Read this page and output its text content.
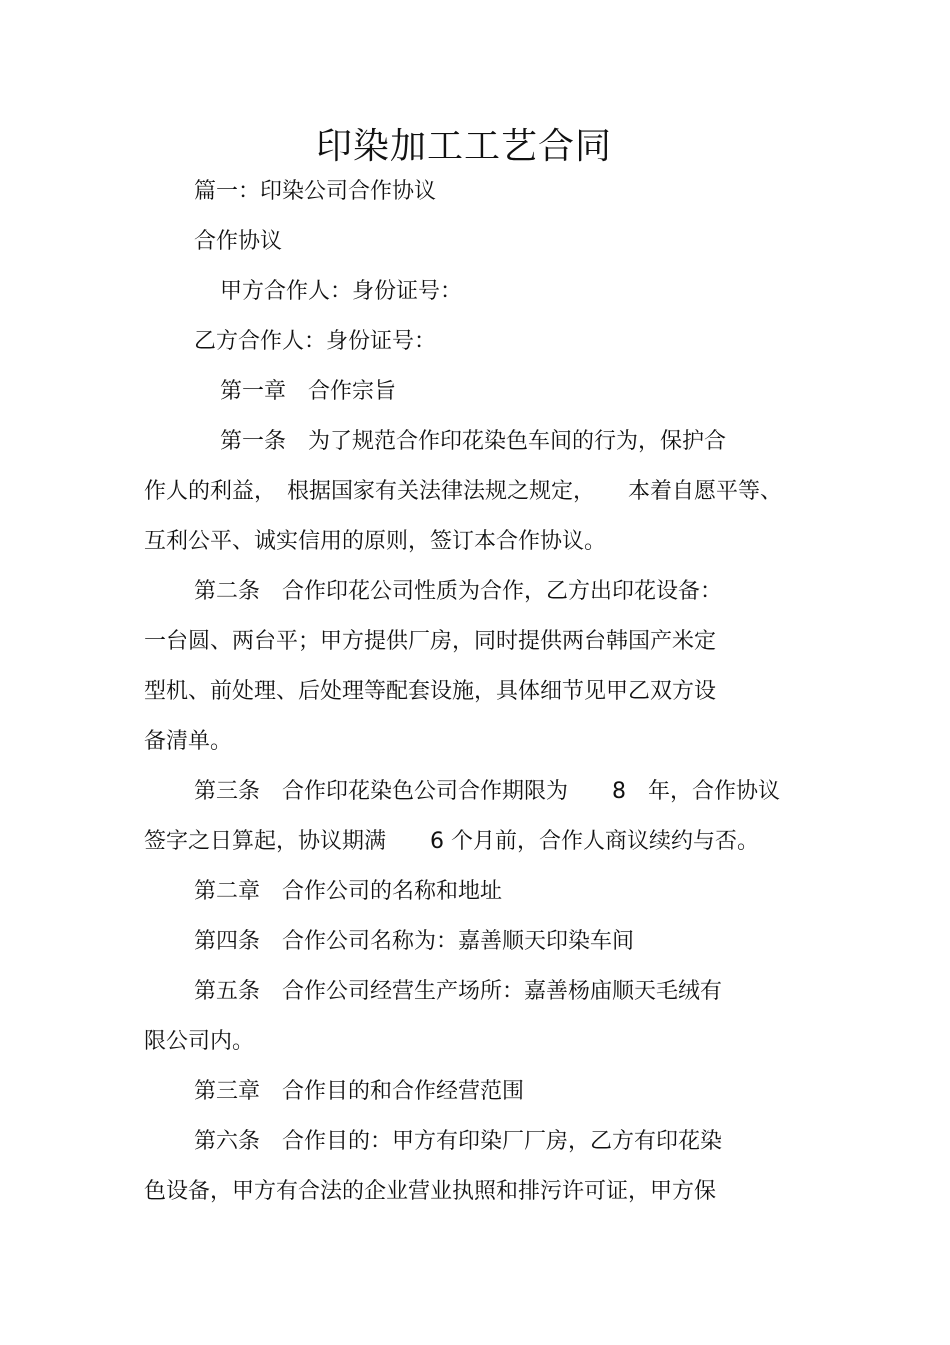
印染加工工艺合同
篇一：印染公司合作协议
合作协议
甲方合作人：身份证号：
乙方合作人：身份证号：
第一章　合作宗旨
第一条　为了规范合作印花染色车间的行为，保护合
作人的利益，　根据国家有关法律法规之规定，　　本着自愿平等、
互利公平、诚实信用的原则，签订本合作协议。
第二条　合作印花公司性质为合作，乙方出印花设备：
一台圆、两台平；甲方提供厂房，同时提供两台韩国产米定
型机、前处理、后处理等配套设施，具体细节见甲乙双方设
备清单。
第三条　合作印花染色公司合作期限为　　8　年，合作协议
签字之日算起，协议期满　　6 个月前，合作人商议续约与否。
第二章　合作公司的名称和地址
第四条　合作公司名称为：嘉善顺天印染车间
第五条　合作公司经营生产场所：嘉善杨庙顺天毛绒有
限公司内。
第三章　合作目的和合作经营范围
第六条　合作目的：甲方有印染厂厂房，乙方有印花染
色设备，甲方有合法的企业营业执照和排污许可证，甲方保
